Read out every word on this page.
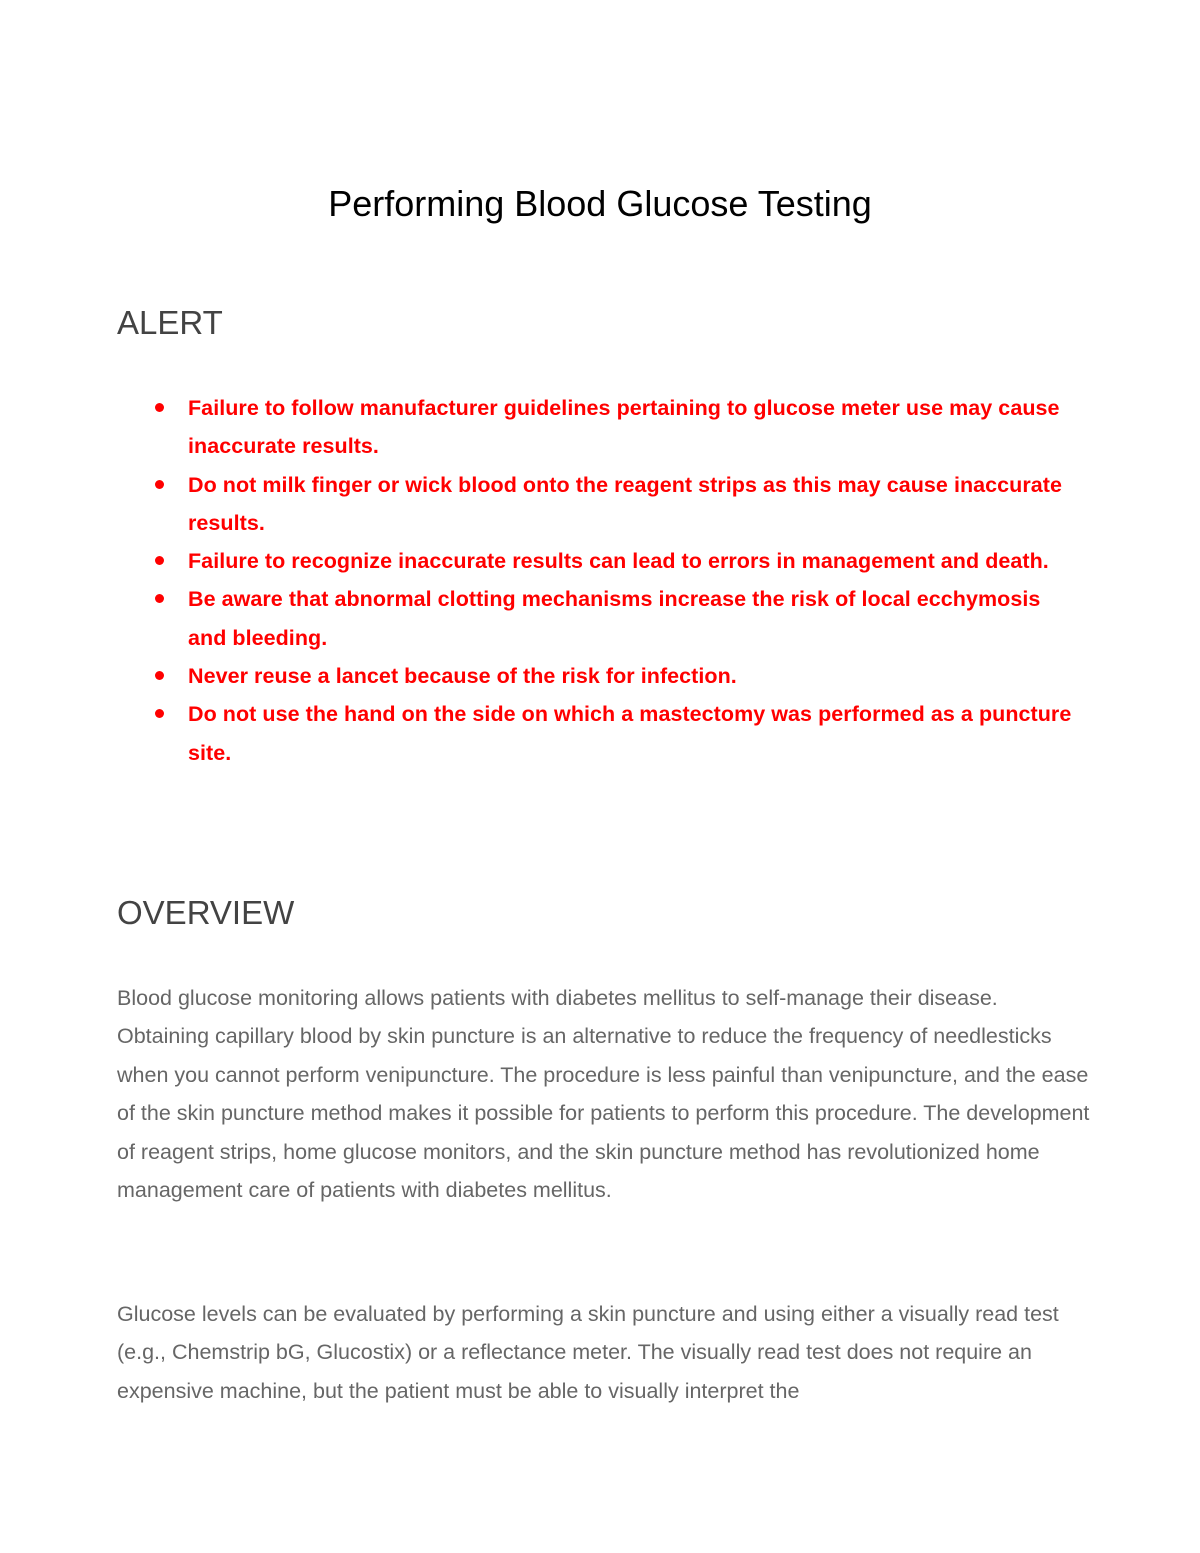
Performing Blood Glucose Testing
ALERT
Failure to follow manufacturer guidelines pertaining to glucose meter use may cause inaccurate results.
Do not milk finger or wick blood onto the reagent strips as this may cause inaccurate results.
Failure to recognize inaccurate results can lead to errors in management and death.
Be aware that abnormal clotting mechanisms increase the risk of local ecchymosis and bleeding.
Never reuse a lancet because of the risk for infection.
Do not use the hand on the side on which a mastectomy was performed as a puncture site.
OVERVIEW

Blood glucose monitoring allows patients with diabetes mellitus to self-manage their disease. Obtaining capillary blood by skin puncture is an alternative to reduce the frequency of needlesticks when you cannot perform venipuncture. The procedure is less painful than venipuncture, and the ease of the skin puncture method makes it possible for patients to perform this procedure. The development of reagent strips, home glucose monitors, and the skin puncture method has revolutionized home management care of patients with diabetes mellitus.

Glucose levels can be evaluated by performing a skin puncture and using either a visually read test (e.g., Chemstrip bG, Glucostix) or a reflectance meter. The visually read test does not require an expensive machine, but the patient must be able to visually interpret the
